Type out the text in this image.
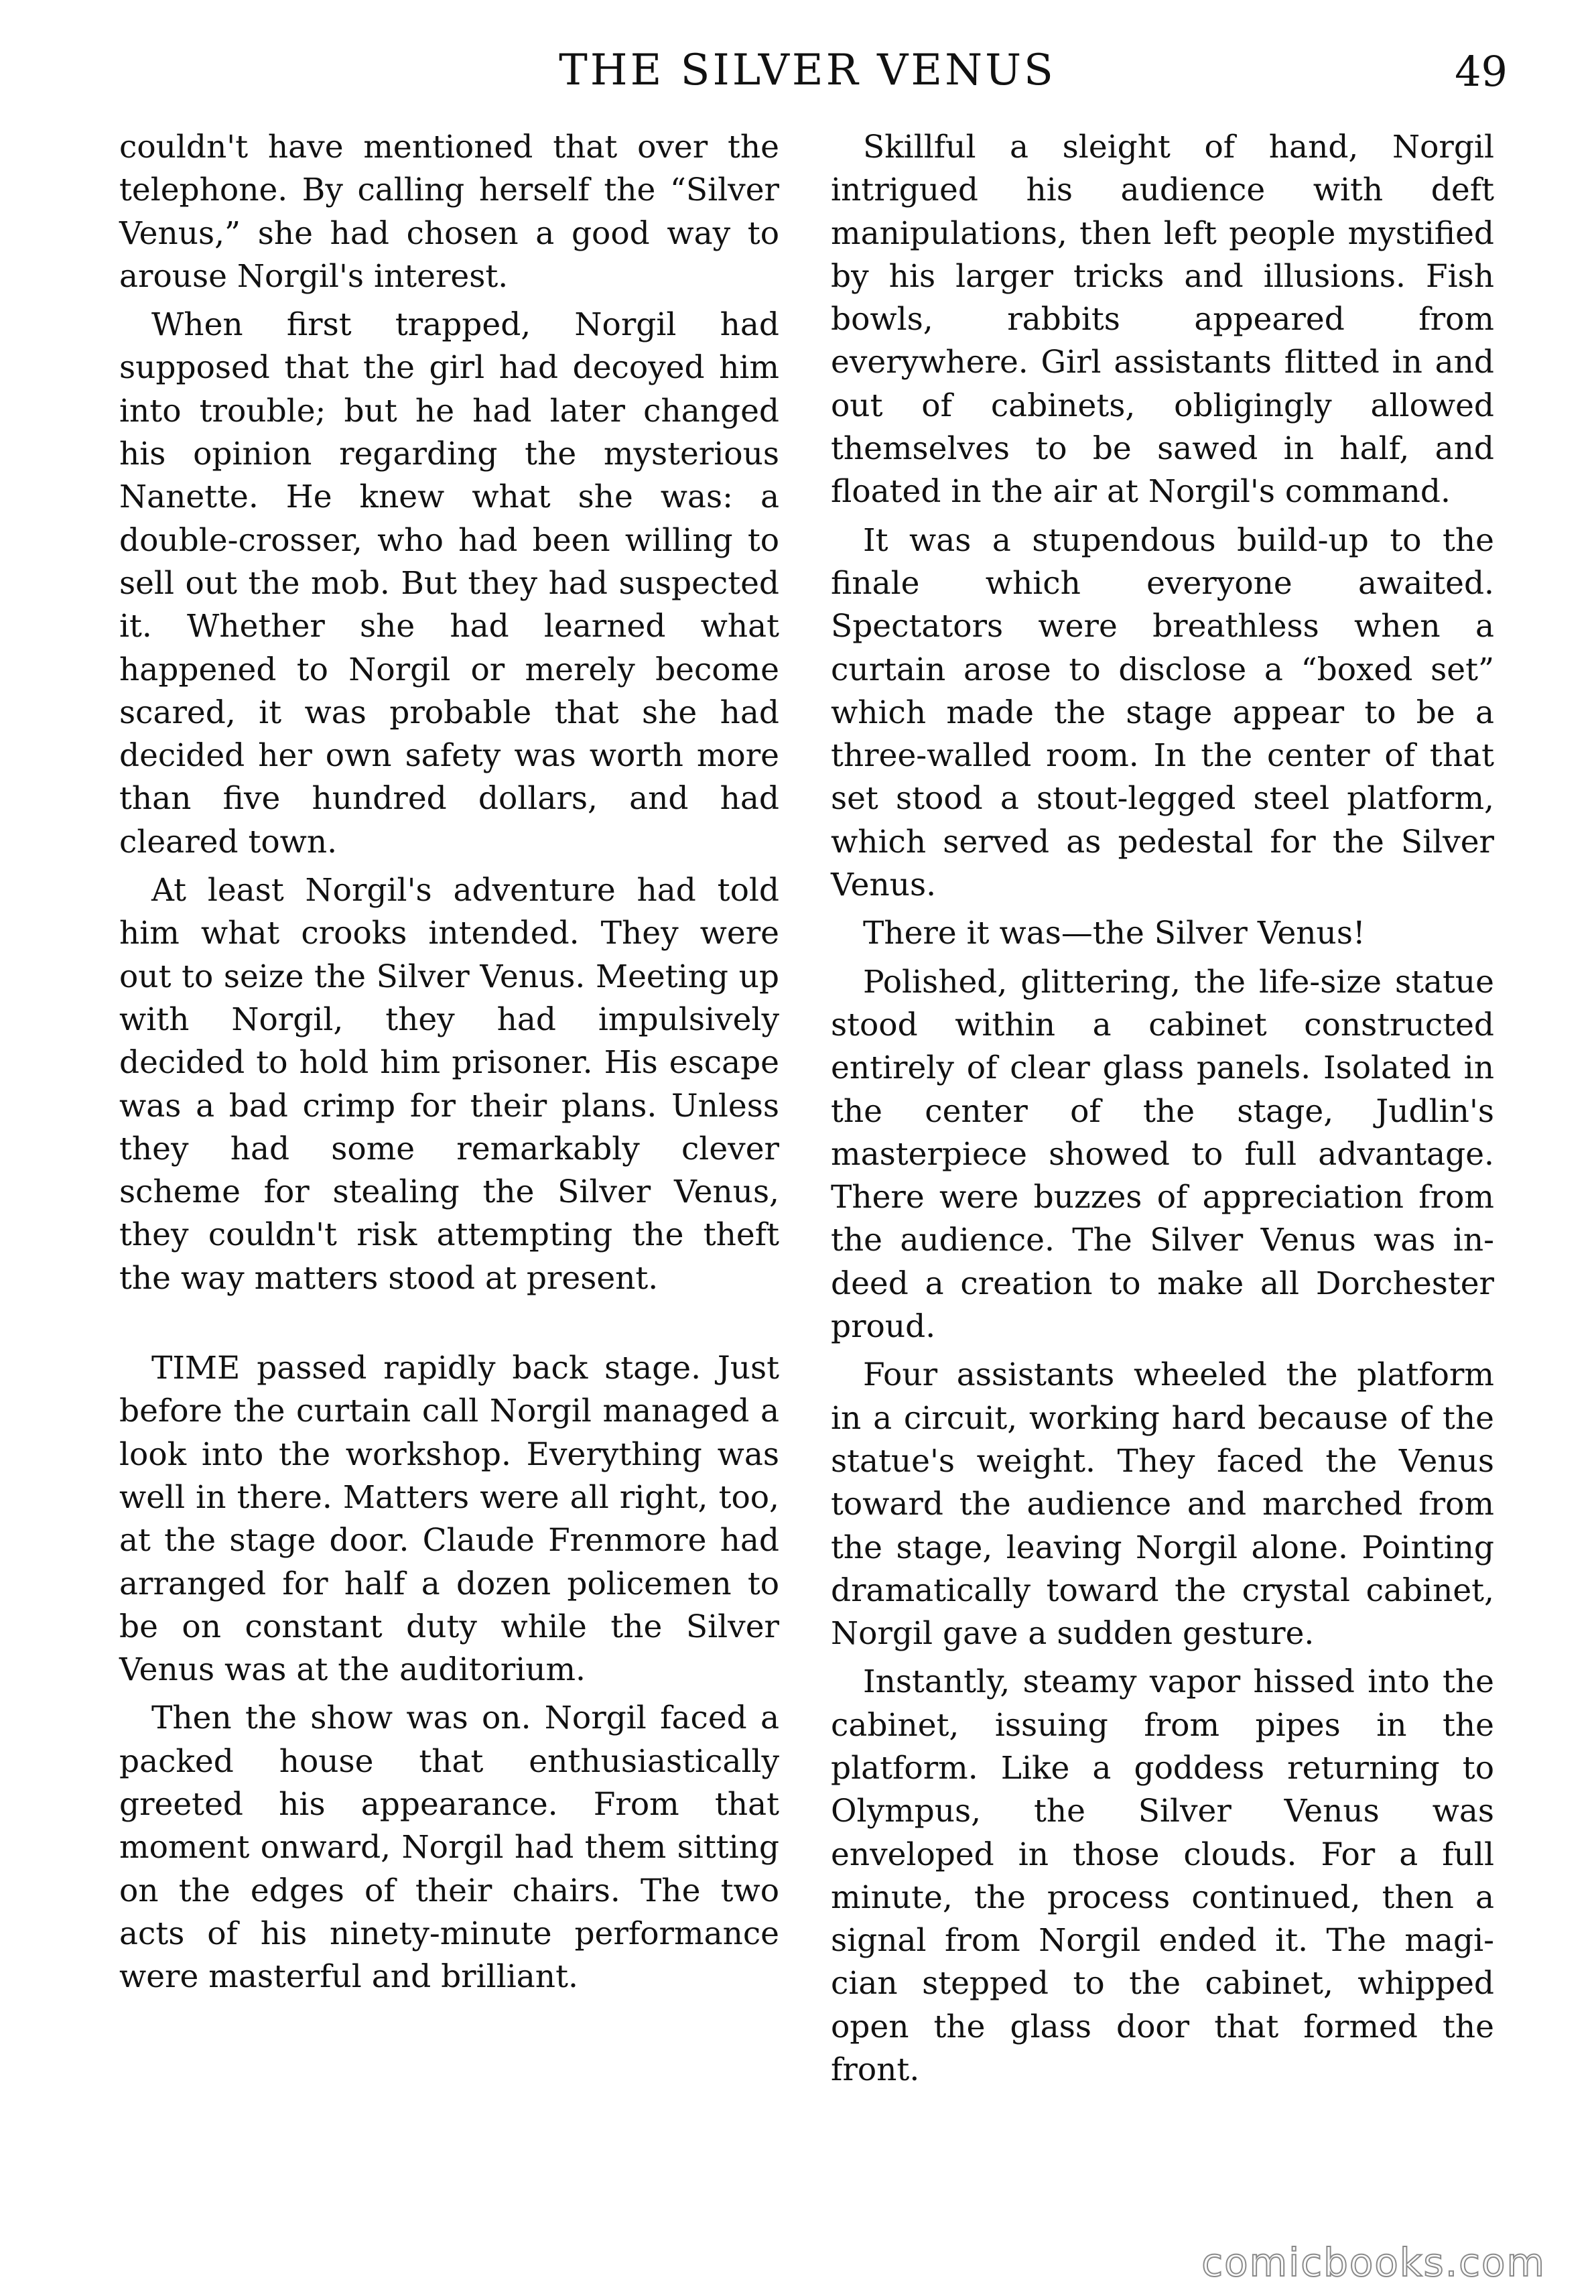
THE SILVER VENUS	49

couldn't have mentioned that over the telephone. By calling herself the “Silver Venus,” she had chosen a good way to arouse Norgil's interest.

When first trapped, Norgil had supposed that the girl had decoyed him into trouble; but he had later changed his opinion regarding the mysterious Nanette. He knew what she was: a double-crosser, who had been willing to sell out the mob. But they had suspected it. Whether she had learned what happened to Norgil or merely become scared, it was probable that she had decided her own safety was worth more than five hundred dollars, and had cleared town.

At least Norgil's adventure had told him what crooks intended. They were out to seize the Silver Venus. Meeting up with Norgil, they had impulsively decided to hold him prisoner. His escape was a bad crimp for their plans. Unless they had some remarkably clever scheme for stealing the Silver Venus, they couldn't risk attempting the theft the way matters stood at present.

TIME passed rapidly back stage. Just before the curtain call Norgil managed a look into the workshop. Everything was well in there. Matters were all right, too, at the stage door. Claude Frenmore had arranged for half a dozen policemen to be on constant duty while the Silver Venus was at the auditorium.

Then the show was on. Norgil faced a packed house that enthusiastically greeted his appearance. From that moment onward, Norgil had them sitting on the edges of their chairs. The two acts of his ninety-minute performance were masterful and brilliant.

Skillful a sleight of hand, Norgil intrigued his audience with deft manipulations, then left people mystified by his larger tricks and illusions. Fish bowls, rabbits appeared from everywhere. Girl assistants flitted in and out of cabinets, obligingly allowed themselves to be sawed in half, and floated in the air at Norgil's command.

It was a stupendous build-up to the finale which everyone awaited. Spectators were breathless when a curtain arose to disclose a “boxed set” which made the stage appear to be a three-walled room. In the center of that set stood a stout-legged steel platform, which served as pedestal for the Silver Venus.

There it was—the Silver Venus!

Polished, glittering, the life-size statue stood within a cabinet constructed entirely of clear glass panels. Isolated in the center of the stage, Judlin's masterpiece showed to full advantage. There were buzzes of appreciation from the audience. The Silver Venus was indeed a creation to make all Dorchester proud.

Four assistants wheeled the platform in a circuit, working hard because of the statue's weight. They faced the Venus toward the audience and marched from the stage, leaving Norgil alone. Pointing dramatically toward the crystal cabinet, Norgil gave a sudden gesture.

Instantly, steamy vapor hissed into the cabinet, issuing from pipes in the platform. Like a goddess returning to Olympus, the Silver Venus was enveloped in those clouds. For a full minute, the process continued, then a signal from Norgil ended it. The magician stepped to the cabinet, whipped open the glass door that formed the front.

comicbooks.com
